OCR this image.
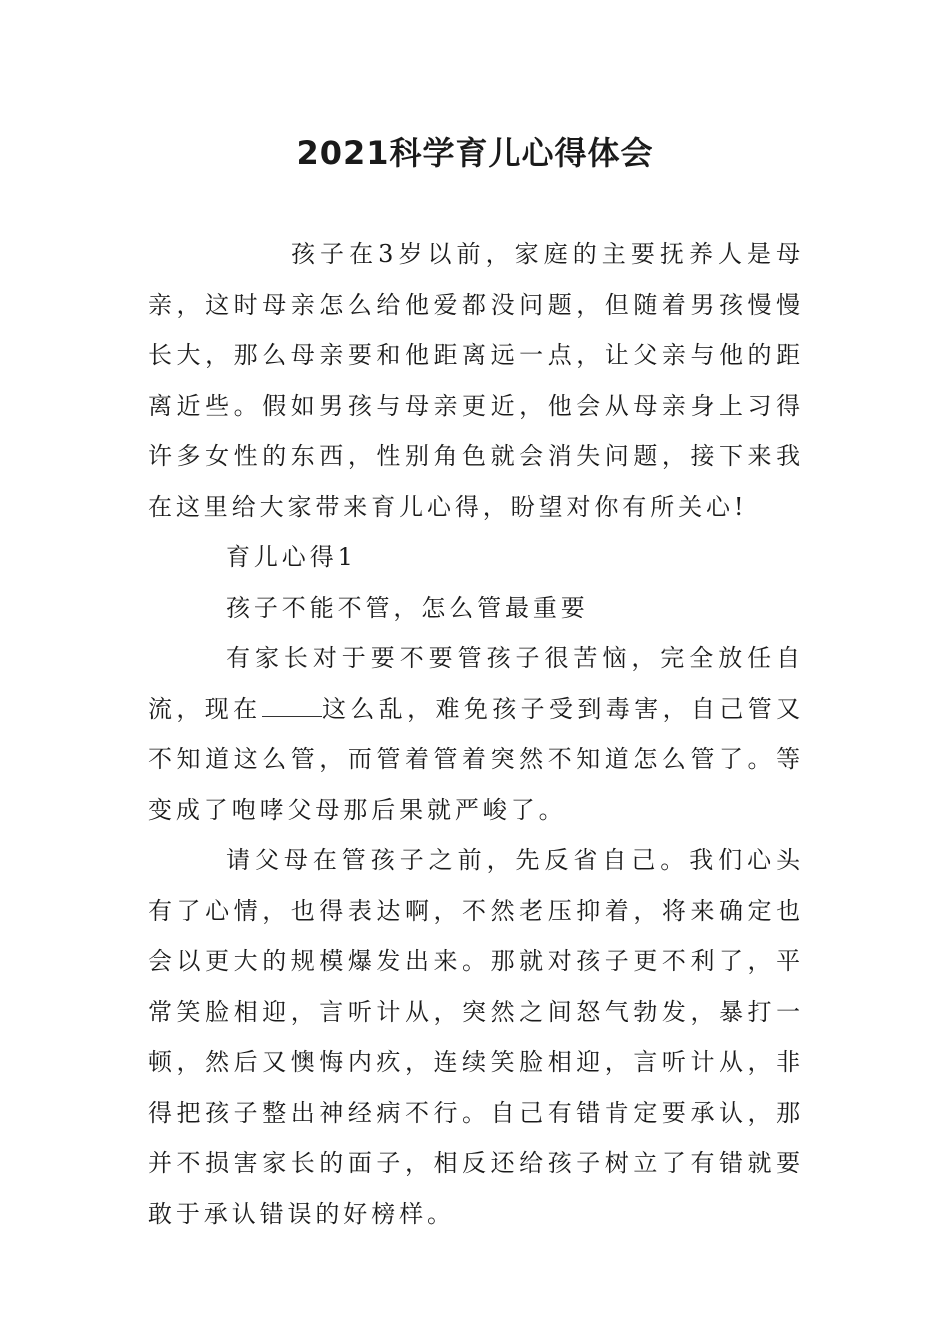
2021科学育儿心得体会

孩子在3岁以前，家庭的主要抚养人是母亲，这时母亲怎么给他爱都没问题，但随着男孩慢慢长大，那么母亲要和他距离远一点，让父亲与他的距离近些。假如男孩与母亲更近，他会从母亲身上习得许多女性的东西，性别角色就会消失问题，接下来我在这里给大家带来育儿心得，盼望对你有所关心!

育儿心得1

孩子不能不管，怎么管最重要

有家长对于要不要管孩子很苦恼，完全放任自流，现在	这么乱，难免孩子受到毒害，自己管又不知道这么管，而管着管着突然不知道怎么管了。等变成了咆哮父母那后果就严峻了。

请父母在管孩子之前，先反省自己。我们心头有了心情，也得表达啊，不然老压抑着，将来确定也会以更大的规模爆发出来。那就对孩子更不利了，平常笑脸相迎，言听计从，突然之间怒气勃发，暴打一顿，然后又懊悔内疚，连续笑脸相迎，言听计从，非得把孩子整出神经病不行。自己有错肯定要承认，那并不损害家长的面子，相反还给孩子树立了有错就要敢于承认错误的好榜样。
